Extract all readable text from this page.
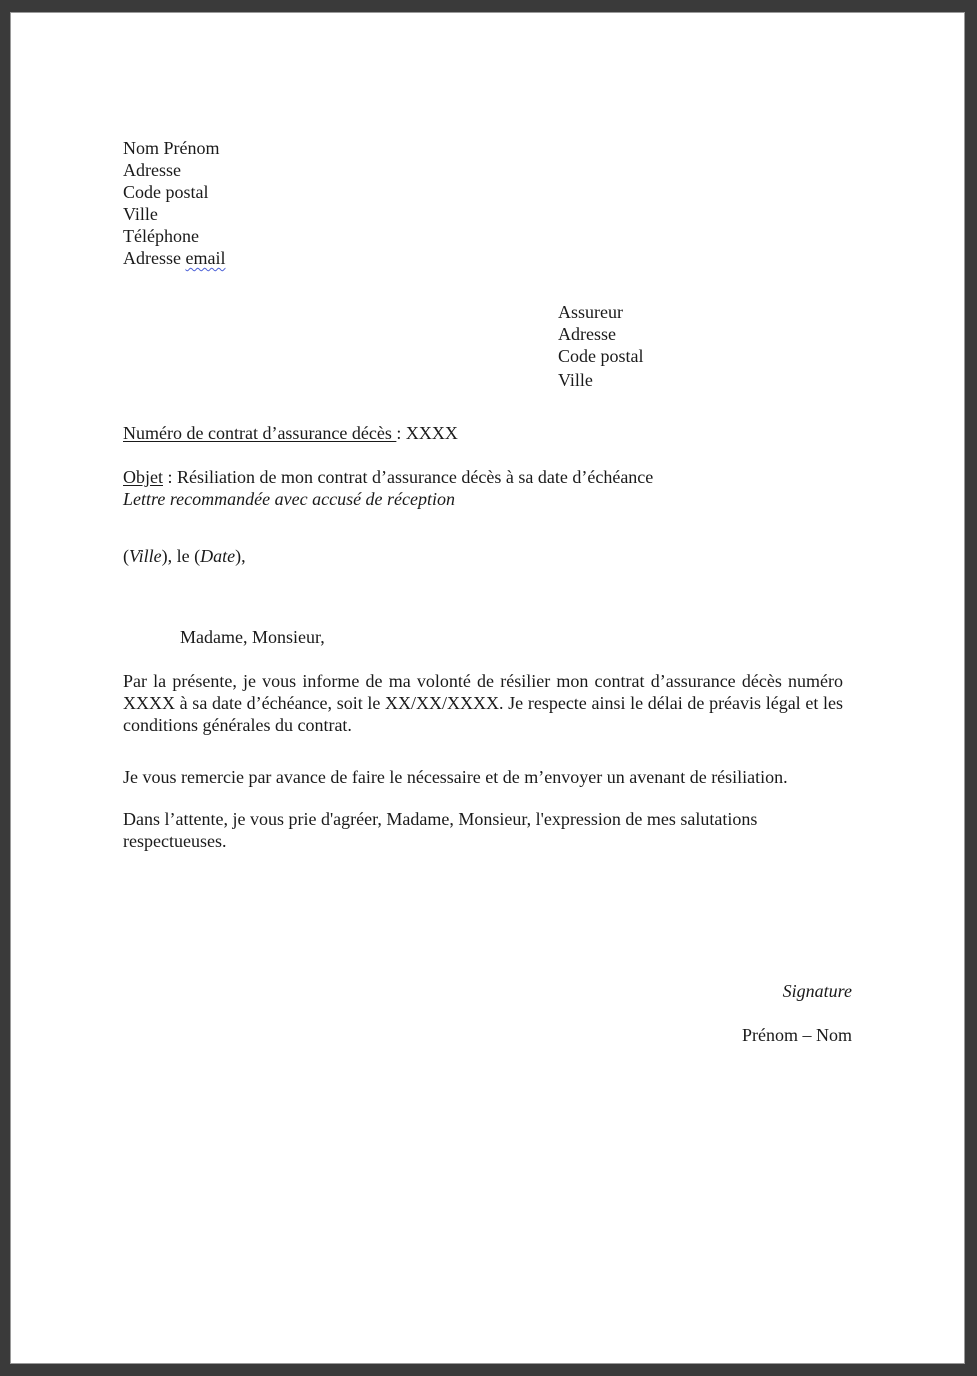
Nom Prénom
Adresse
Code postal
Ville
Téléphone
Adresse email
Assureur
Adresse
Code postal
Ville
Numéro de contrat d’assurance décès : XXXX
Objet : Résiliation de mon contrat d’assurance décès à sa date d’échéance
Lettre recommandée avec accusé de réception
(Ville), le (Date),
Madame, Monsieur,

Par la présente, je vous informe de ma volonté de résilier mon contrat d’assurance décès numéro XXXX à sa date d’échéance, soit le XX/XX/XXXX. Je respecte ainsi le délai de préavis légal et les conditions générales du contrat.

Je vous remercie par avance de faire le nécessaire et de m’envoyer un avenant de résiliation.

Dans l’attente, je vous prie d'agréer, Madame, Monsieur, l'expression de mes salutations respectueuses.

Signature
Prénom – Nom
